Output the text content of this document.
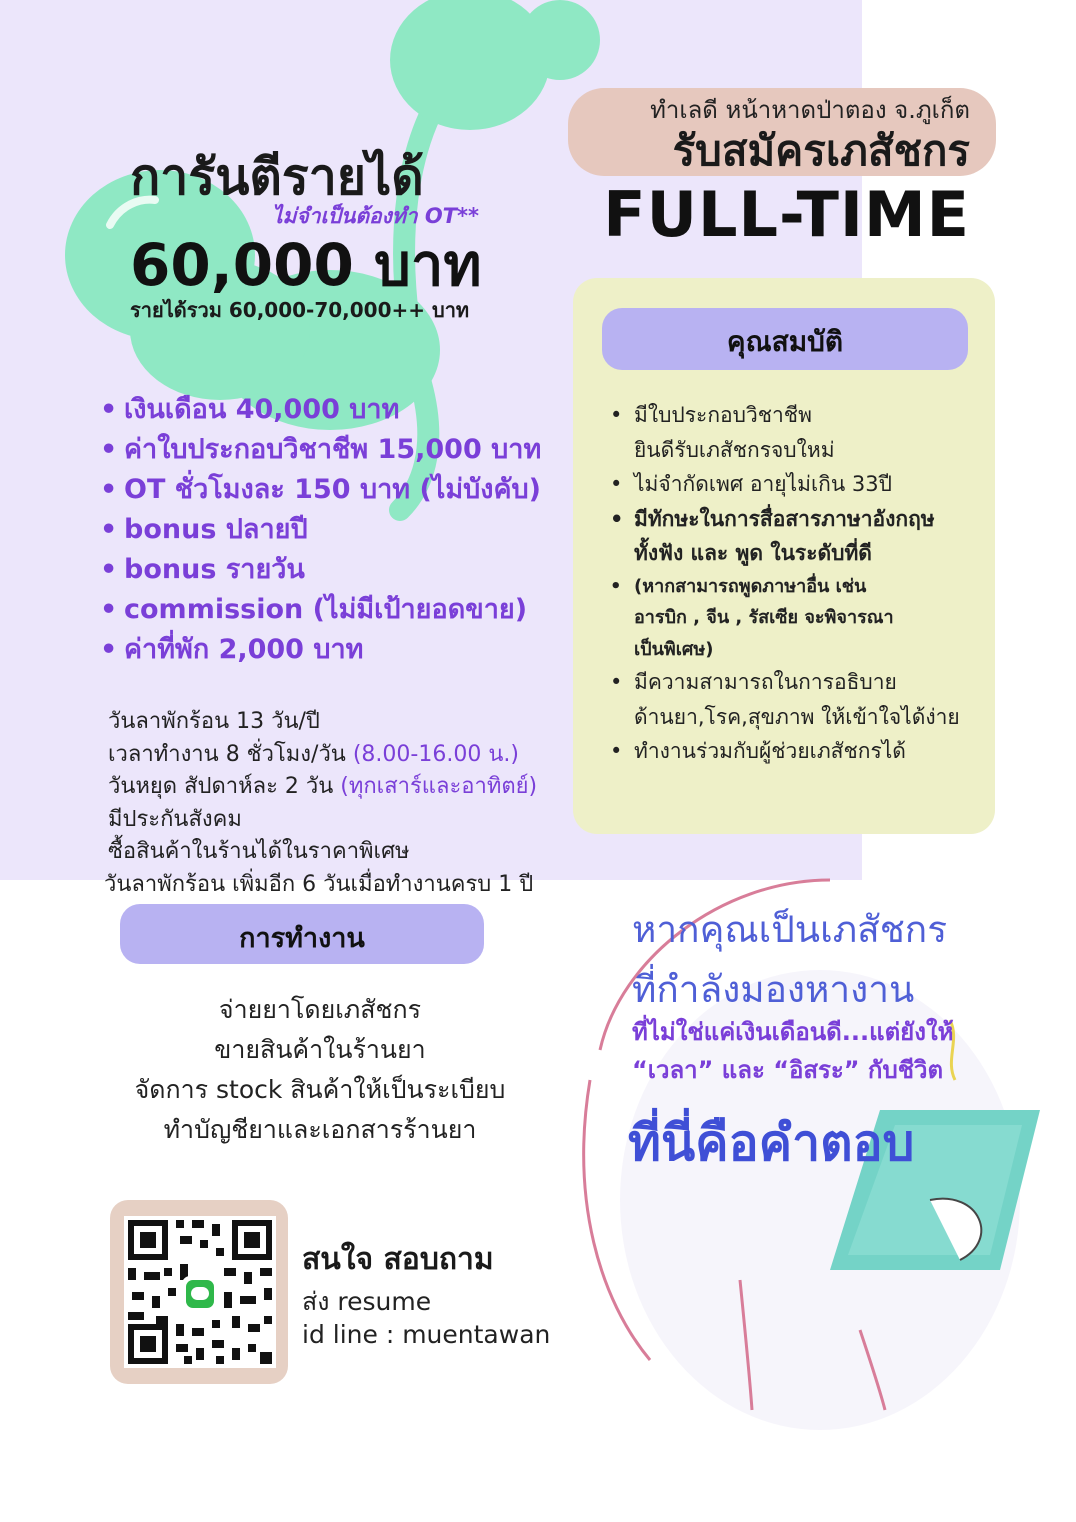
ทำเลดี หน้าหาดป่าตอง จ.ภูเก็ต
รับสมัครเภสัชกร
FULL-TIME
การันตีรายได้
ไม่จำเป็นต้องทำ OT**
60,000 บาท
รายได้รวม 60,000-70,000++ บาท
• เงินเดือน 40,000 บาท
• ค่าใบประกอบวิชาชีพ 15,000 บาท
• OT ชั่วโมงละ 150 บาท (ไม่บังคับ)
• bonus ปลายปี
• bonus รายวัน
• commission (ไม่มีเป้ายอดขาย)
• ค่าที่พัก 2,000 บาท
วันลาพักร้อน 13 วัน/ปี
เวลาทำงาน 8 ชั่วโมง/วัน (8.00-16.00 น.)
วันหยุด สัปดาห์ละ 2 วัน (ทุกเสาร์และอาทิตย์)
มีประกันสังคม
ซื้อสินค้าในร้านได้ในราคาพิเศษ
วันลาพักร้อน เพิ่มอีก 6 วันเมื่อทำงานครบ 1 ปี
คุณสมบัติ
• มีใบประกอบวิชาชีพ
ยินดีรับเภสัชกรจบใหม่
• ไม่จำกัดเพศ อายุไม่เกิน 33ปี
• มีทักษะในการสื่อสารภาษาอังกฤษ
ทั้งฟัง และ พูด ในระดับที่ดี
• (หากสามารถพูดภาษาอื่น เช่น
อารบิก , จีน , รัสเซีย จะพิจารณา
เป็นพิเศษ)
• มีความสามารถในการอธิบาย
ด้านยา,โรค,สุขภาพ ให้เข้าใจได้ง่าย
• ทำงานร่วมกับผู้ช่วยเภสัชกรได้
การทำงาน
จ่ายยาโดยเภสัชกร
ขายสินค้าในร้านยา
จัดการ stock สินค้าให้เป็นระเบียบ
ทำบัญชียาและเอกสารร้านยา
หากคุณเป็นเภสัชกร
ที่กำลังมองหางาน
ที่ไม่ใช่แค่เงินเดือนดี...แต่ยังให้
“เวลา” และ “อิสระ” กับชีวิต
ที่นี่คือคำตอบ
สนใจ สอบถาม
ส่ง resume
id line : muentawan
